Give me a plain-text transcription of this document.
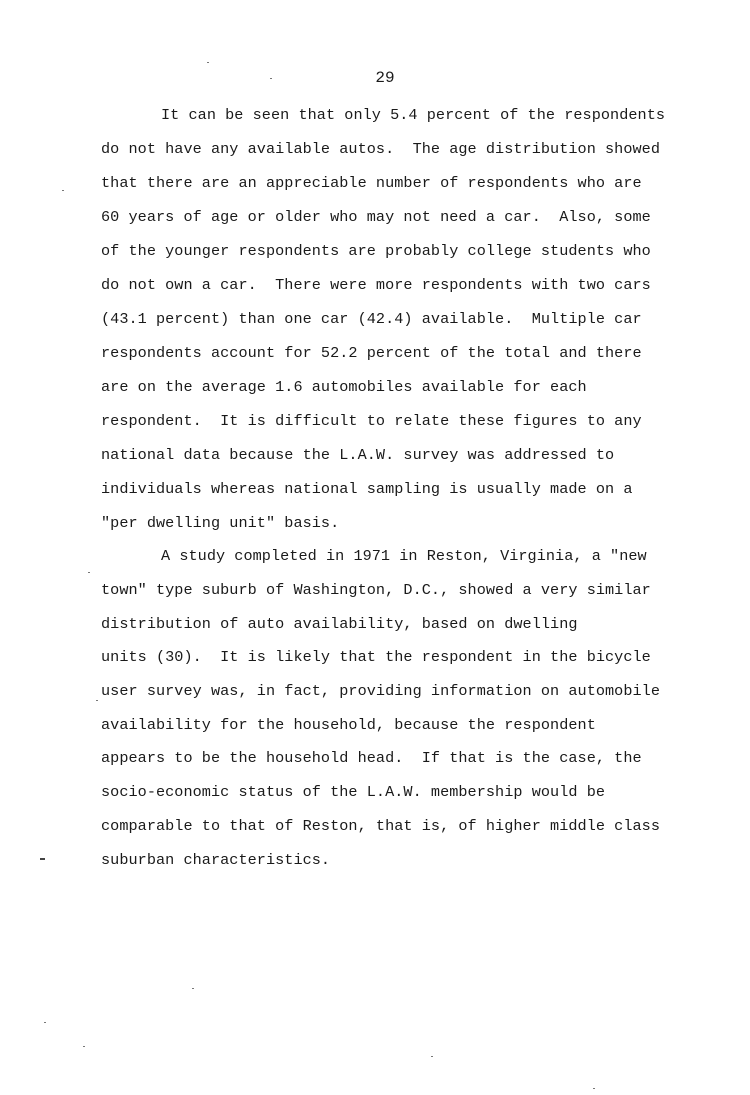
29
It can be seen that only 5.4 percent of the respondents
do not have any available autos.  The age distribution showed
that there are an appreciable number of respondents who are
60 years of age or older who may not need a car.  Also, some
of the younger respondents are probably college students who
do not own a car.  There were more respondents with two cars
(43.1 percent) than one car (42.4) available.  Multiple car
respondents account for 52.2 percent of the total and there
are on the average 1.6 automobiles available for each
respondent.  It is difficult to relate these figures to any
national data because the L.A.W. survey was addressed to
individuals whereas national sampling is usually made on a
"per dwelling unit" basis.
A study completed in 1971 in Reston, Virginia, a "new
town" type suburb of Washington, D.C., showed a very similar
distribution of auto availability, based on dwelling
units (30).  It is likely that the respondent in the bicycle
user survey was, in fact, providing information on automobile
availability for the household, because the respondent
appears to be the household head.  If that is the case, the
socio-economic status of the L.A.W. membership would be
comparable to that of Reston, that is, of higher middle class
suburban characteristics.
